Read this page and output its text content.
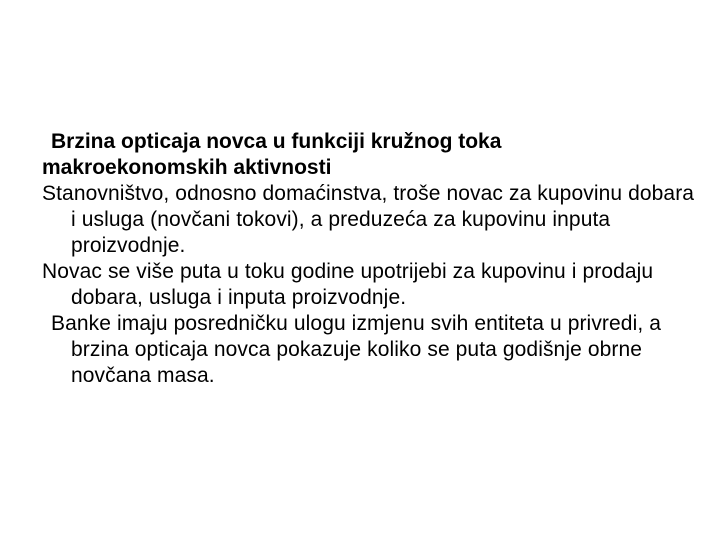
Brzina opticaja novca u funkciji kružnog toka
makroekonomskih aktivnosti

Stanovništvo, odnosno domaćinstva, troše novac za kupovinu dobara i usluga (novčani tokovi), a preduzeća za kupovinu inputa proizvodnje.

Novac se više puta u toku godine upotrijebi za kupovinu i prodaju dobara, usluga i inputa proizvodnje.

Banke imaju posredničku ulogu izmjenu svih entiteta u privredi, a brzina opticaja novca pokazuje koliko se puta godišnje obrne novčana masa.
